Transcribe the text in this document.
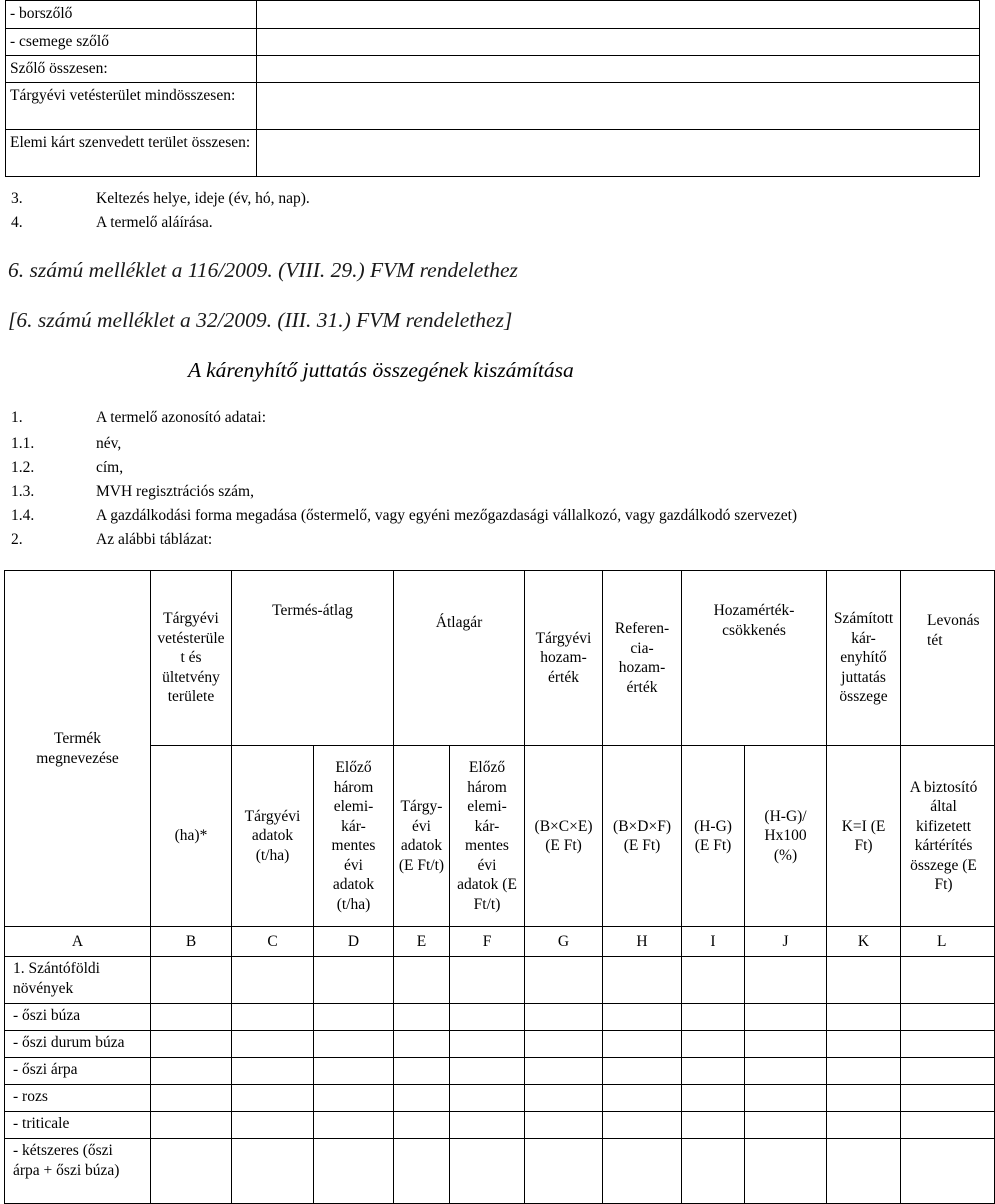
- borszőlő	
- csemege szőlő	
Szőlő összesen:	
Tárgyévi vetésterület mindösszesen:	
Elemi kárt szenvedett terület összesen:	
3.	Keltezés helye, ideje (év, hó, nap).
4.	A termelő aláírása.
6. számú melléklet a 116/2009. (VIII. 29.) FVM rendelethez
[6. számú melléklet a 32/2009. (III. 31.) FVM rendelethez]
A kárenyhítő juttatás összegének kiszámítása
1.	A termelő azonosító adatai:
1.1.	név,
1.2.	cím,
1.3.	MVH regisztrációs szám,
1.4.	A gazdálkodási forma megadása (őstermelő, vagy egyéni mezőgazdasági vállalkozó, vagy gazdálkodó szervezet)
2.	Az alábbi táblázat:
Termék megnevezése	Tárgyévi vetésterüle t és ültetvény területe	Termés-átlag		Átlagár		Tárgyévi hozam-érték	Referen-cia-hozam-érték	Hozamérték-csökkenés		Számított kár-enyhítő juttatás összege	Levonás tét
	(ha)*	Tárgyévi adatok (t/ha)	Előző három elemi-kár-mentes évi adatok (t/ha)	Tárgy-évi adatok (E Ft/t)	Előző három elemi-kár-mentes évi adatok (E Ft/t)	(B×C×E) (E Ft)	(B×D×F) (E Ft)	(H-G) (E Ft)	(H-G)/ Hx100 (%)	K=I (E Ft)	A biztosító által kifizetett kártérítés összege (E Ft)
A	B	C	D	E	F	G	H	I	J	K	L
1. Szántóföldi növények											
- őszi búza											
- őszi durum búza											
- őszi árpa											
- rozs											
- triticale											
- kétszeres (őszi árpa + őszi búza)											
